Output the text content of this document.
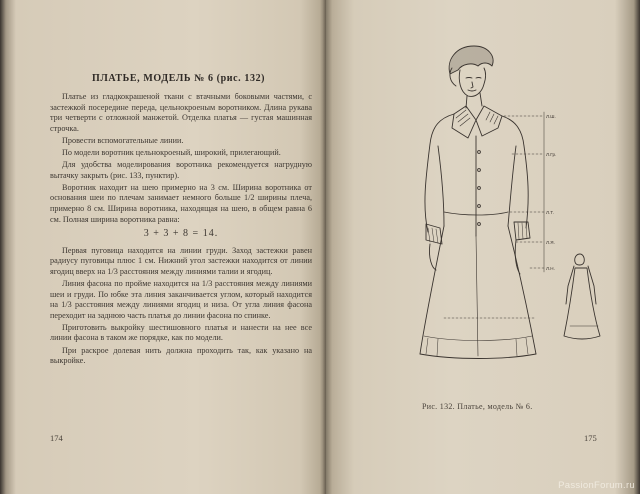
ПЛАТЬЕ, МОДЕЛЬ № 6 (рис. 132)

Платье из гладкокрашеной ткани с втачными боковыми частями, с застежкой посередине переда, цельнокроеным воротником. Длина рукава три четверти с отложной манжетой. Отделка платья — густая машинная строчка.

Провести вспомогательные линии.

По модели воротник цельнокроеный, широкий, прилегающий.

Для удобства моделирования воротника рекомендуется нагрудную вытачку закрыть (рис. 133, пунктир).

Воротник находит на шею примерно на 3 см. Ширина воротника от основания шеи по плечам занимает немного больше 1/2 ширины плеча, примерно 8 см. Ширина воротника, находящая на шею, в общем равна 6 см. Полная ширина воротника равна:

3 + 3 + 8 = 14.

Первая пуговица находится на линии груди. Заход застежки равен радиусу пуговицы плюс 1 см. Нижний угол застежки находится от линии ягодиц вверх на 1/3 расстояния между линиями талии и ягодиц.

Линия фасона по пройме находится на 1/3 расстояния между линиями шеи и груди. По юбке эта линия заканчивается углом, который находится на 1/3 расстояния между линиями ягодиц и низа. От угла линия фасона переходит на заднюю часть платья до линии фасона по спинке.

Приготовить выкройку шестишовного платья и нанести на нее все линии фасона в таком же порядке, как по модели.

При раскрое долевая нить должна проходить так, как указано на выкройке.

174
Л.Ш.
Л.Гр.
Л.Т.
Л.Я.
Л.Н.
Рис. 132. Платье, модель № 6.
175
PassionForum.ru
